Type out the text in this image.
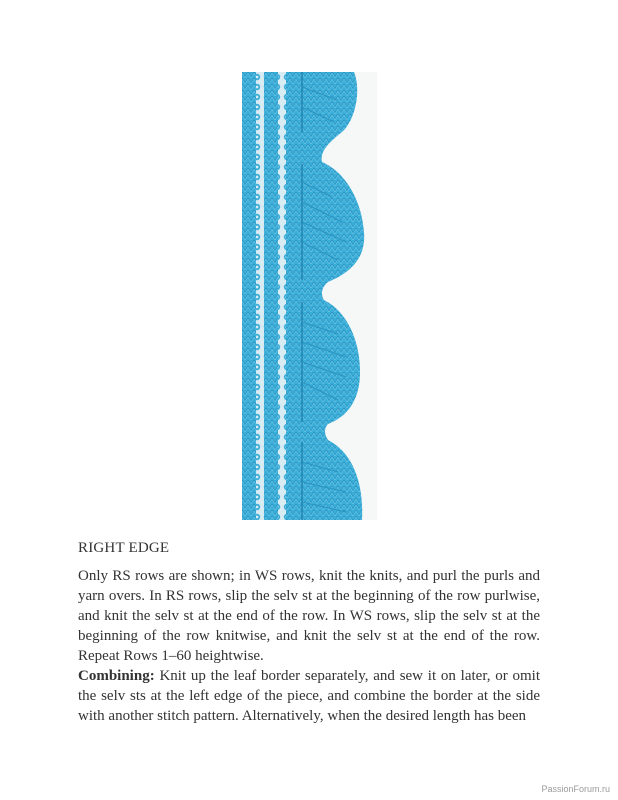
RIGHT EDGE
Only RS rows are shown; in WS rows, knit the knits, and purl the purls and yarn overs. In RS rows, slip the selv st at the beginning of the row purlwise, and knit the selv st at the end of the row. In WS rows, slip the selv st at the beginning of the row knitwise, and knit the selv st at the end of the row. Repeat Rows 1–60 heightwise.
Combining: Knit up the leaf border separately, and sew it on later, or omit the selv sts at the left edge of the piece, and combine the border at the side with another stitch pattern. Alternatively, when the desired length has been
PassionForum.ru
